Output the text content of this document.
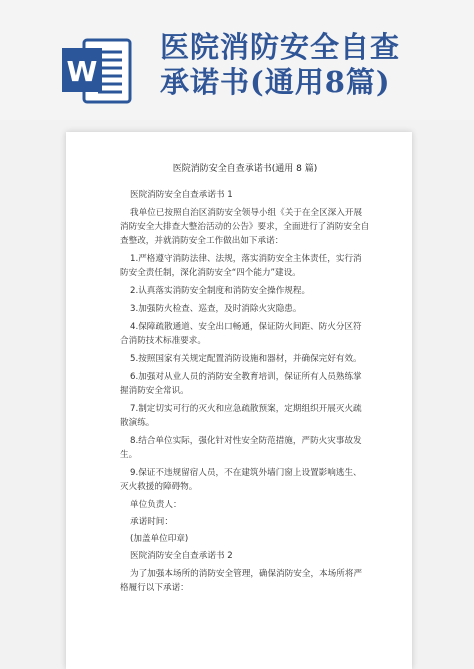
W
医院消防安全自查
承诺书(通用8篇)
医院消防安全自查承诺书(通用 8 篇)

医院消防安全自查承诺书 1

我单位已按照自治区消防安全领导小组《关于在全区深入开展消防安全大排查大整治活动的公告》要求，全面进行了消防安全自查整改，并就消防安全工作做出如下承诺：

1.严格遵守消防法律、法规，落实消防安全主体责任，实行消防安全责任制，深化消防安全“四个能力”建设。

2.认真落实消防安全制度和消防安全操作规程。

3.加强防火检查、巡查，及时消除火灾隐患。

4.保障疏散通道、安全出口畅通，保证防火间距、防火分区符合消防技术标准要求。

5.按照国家有关规定配置消防设施和器材，并确保完好有效。

6.加强对从业人员的消防安全教育培训，保证所有人员熟练掌握消防安全常识。

7.制定切实可行的灭火和应急疏散预案，定期组织开展灭火疏散演练。

8.结合单位实际，强化针对性安全防范措施，严防火灾事故发生。

9.保证不违规留宿人员，不在建筑外墙门窗上设置影响逃生、灭火救援的障碍物。

单位负责人：

承诺时间：

(加盖单位印章)

医院消防安全自查承诺书 2

为了加强本场所的消防安全管理，确保消防安全，本场所将严格履行以下承诺：
